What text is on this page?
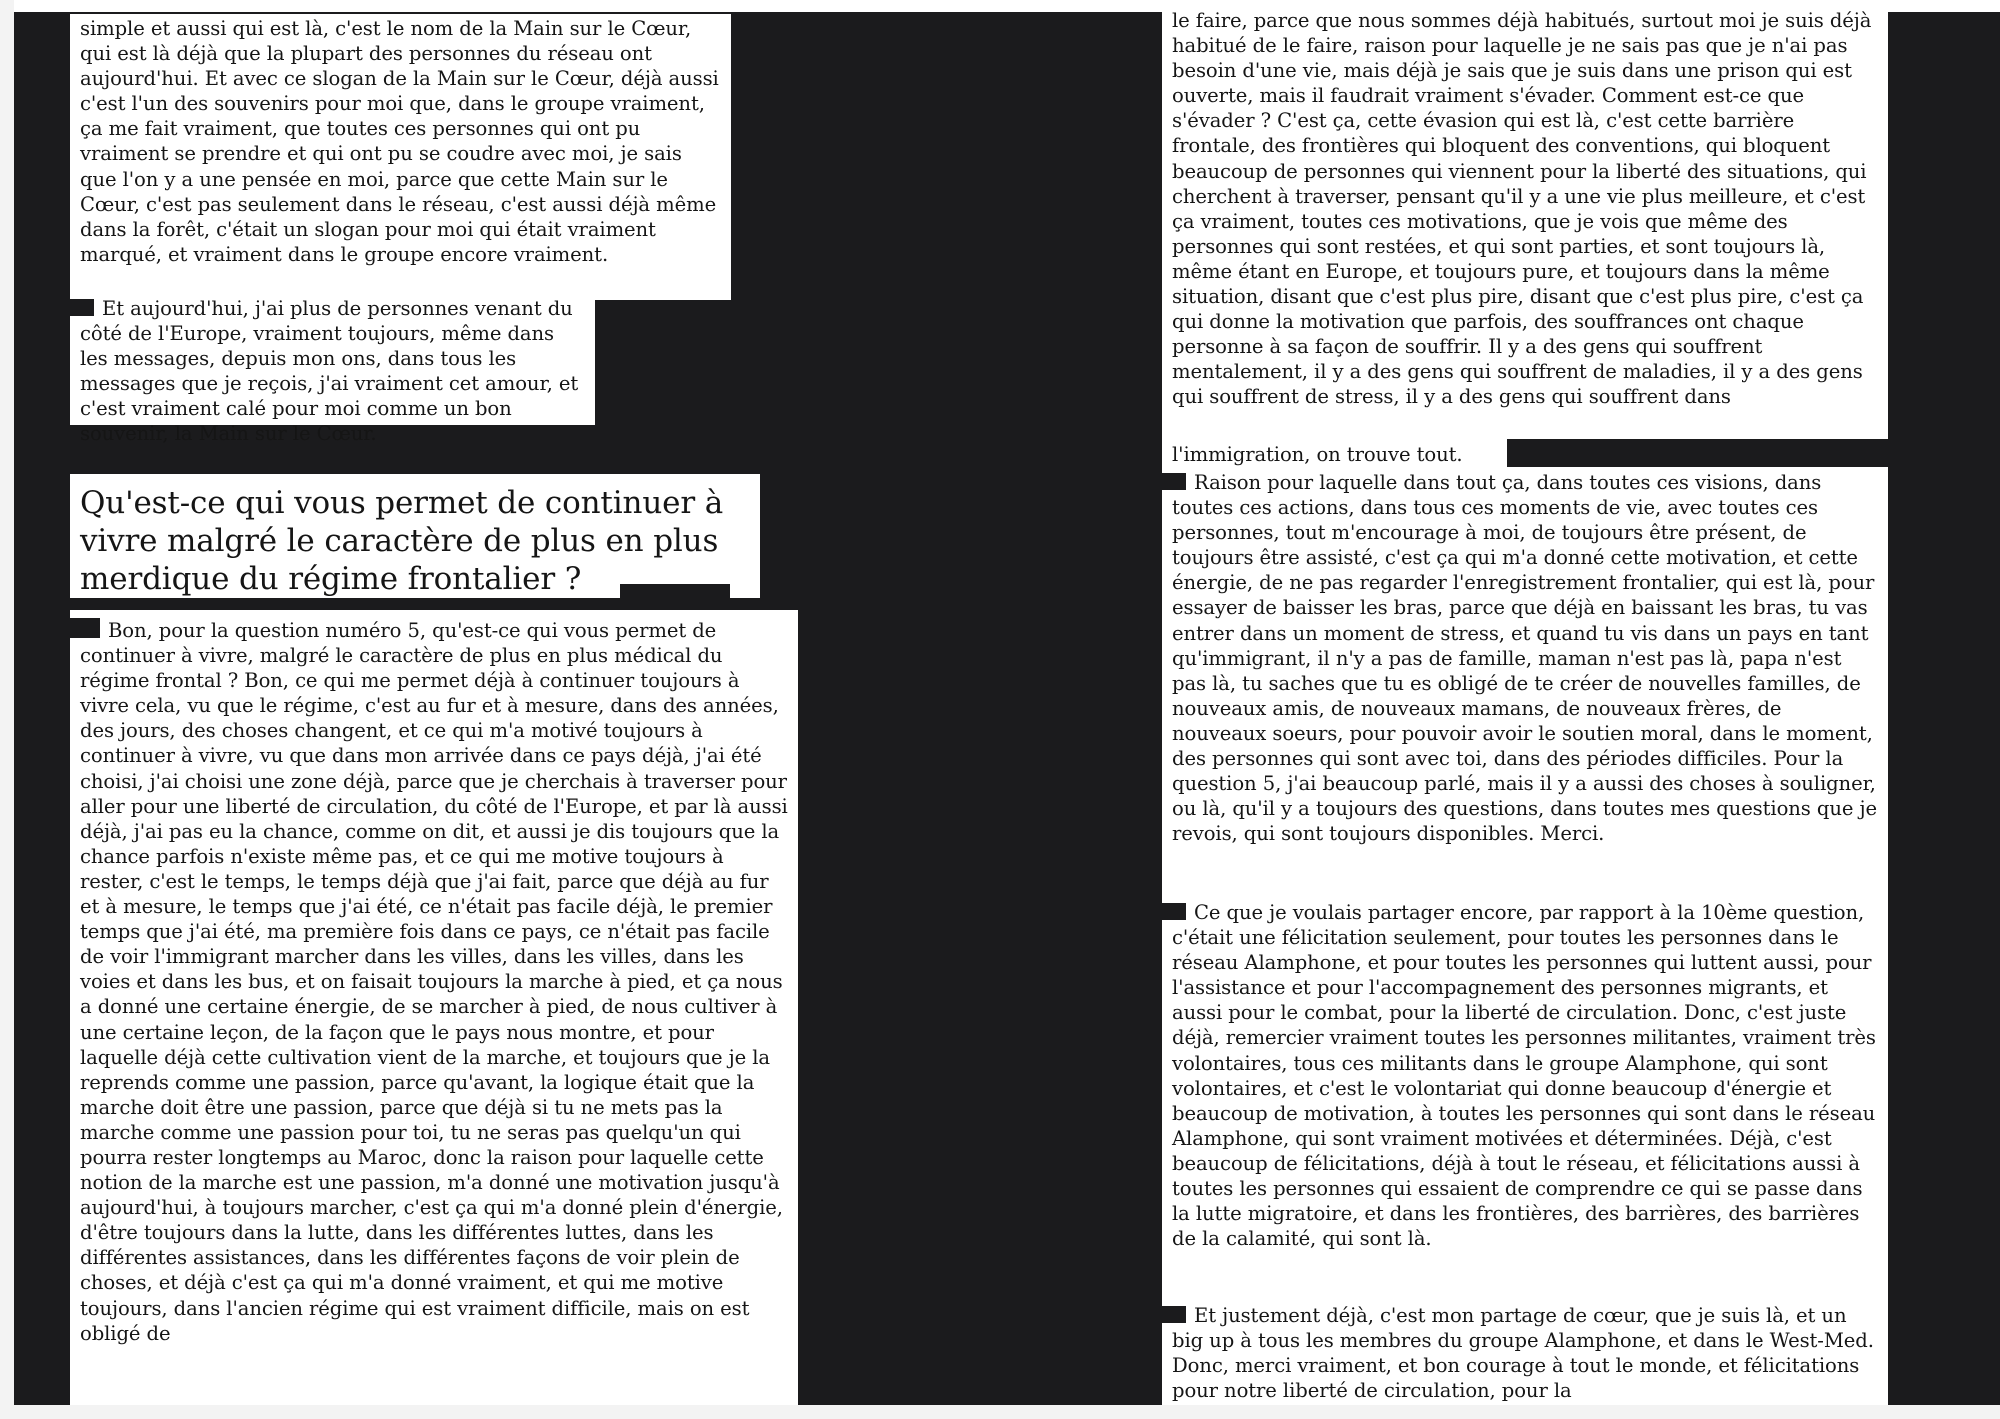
simple et aussi qui est là, c'est le nom de la Main sur le Cœur, qui est là déjà que la plupart des personnes du réseau ont aujourd'hui. Et avec ce slogan de la Main sur le Cœur, déjà aussi c'est l'un des souvenirs pour moi que, dans le groupe vraiment, ça me fait vraiment, que toutes ces personnes qui ont pu vraiment se prendre et qui ont pu se coudre avec moi, je sais que l'on y a une pensée en moi, parce que cette Main sur le Cœur, c'est pas seulement dans le réseau, c'est aussi déjà même dans la forêt, c'était un slogan pour moi qui était vraiment marqué, et vraiment dans le groupe encore vraiment.

Et aujourd'hui, j'ai plus de personnes venant du côté de l'Europe, vraiment toujours, même dans les messages, depuis mon ons, dans tous les messages que je reçois, j'ai vraiment cet amour, et c'est vraiment calé pour moi comme un bon souvenir, la Main sur le Cœur.

Qu'est-ce qui vous permet de continuer à vivre malgré le caractère de plus en plus merdique du régime frontalier ?

Bon, pour la question numéro 5, qu'est-ce qui vous permet de continuer à vivre, malgré le caractère de plus en plus médical du régime frontal ? Bon, ce qui me permet déjà à continuer toujours à vivre cela, vu que le régime, c'est au fur et à mesure, dans des années, des jours, des choses changent, et ce qui m'a motivé toujours à continuer à vivre, vu que dans mon arrivée dans ce pays déjà, j'ai été choisi, j'ai choisi une zone déjà, parce que je cherchais à traverser pour aller pour une liberté de circulation, du côté de l'Europe, et par là aussi déjà, j'ai pas eu la chance, comme on dit, et aussi je dis toujours que la chance parfois n'existe même pas, et ce qui me motive toujours à rester, c'est le temps, le temps déjà que j'ai fait, parce que déjà au fur et à mesure, le temps que j'ai été, ce n'était pas facile déjà, le premier temps que j'ai été, ma première fois dans ce pays, ce n'était pas facile de voir l'immigrant marcher dans les villes, dans les villes, dans les voies et dans les bus, et on faisait toujours la marche à pied, et ça nous a donné une certaine énergie, de se marcher à pied, de nous cultiver à une certaine leçon, de la façon que le pays nous montre, et pour laquelle déjà cette cultivation vient de la marche, et toujours que je la reprends comme une passion, parce qu'avant, la logique était que la marche doit être une passion, parce que déjà si tu ne mets pas la marche comme une passion pour toi, tu ne seras pas quelqu'un qui pourra rester longtemps au Maroc, donc la raison pour laquelle cette notion de la marche est une passion, m'a donné une motivation jusqu'à aujourd'hui, à toujours marcher, c'est ça qui m'a donné plein d'énergie, d'être toujours dans la lutte, dans les différentes luttes, dans les différentes assistances, dans les différentes façons de voir plein de choses, et déjà c'est ça qui m'a donné vraiment, et qui me motive toujours, dans l'ancien régime qui est vraiment difficile, mais on est obligé de

le faire, parce que nous sommes déjà habitués, surtout moi je suis déjà habitué de le faire, raison pour laquelle je ne sais pas que je n'ai pas besoin d'une vie, mais déjà je sais que je suis dans une prison qui est ouverte, mais il faudrait vraiment s'évader. Comment est-ce que s'évader ? C'est ça, cette évasion qui est là, c'est cette barrière frontale, des frontières qui bloquent des conventions, qui bloquent beaucoup de personnes qui viennent pour la liberté des situations, qui cherchent à traverser, pensant qu'il y a une vie plus meilleure, et c'est ça vraiment, toutes ces motivations, que je vois que même des personnes qui sont restées, et qui sont parties, et sont toujours là, même étant en Europe, et toujours pure, et toujours dans la même situation, disant que c'est plus pire, disant que c'est plus pire, c'est ça qui donne la motivation que parfois, des souffrances ont chaque personne à sa façon de souffrir. Il y a des gens qui souffrent mentalement, il y a des gens qui souffrent de maladies, il y a des gens qui souffrent de stress, il y a des gens qui souffrent dans

l'immigration, on trouve tout.

Raison pour laquelle dans tout ça, dans toutes ces visions, dans toutes ces actions, dans tous ces moments de vie, avec toutes ces personnes, tout m'encourage à moi, de toujours être présent, de toujours être assisté, c'est ça qui m'a donné cette motivation, et cette énergie, de ne pas regarder l'enregistrement frontalier, qui est là, pour essayer de baisser les bras, parce que déjà en baissant les bras, tu vas entrer dans un moment de stress, et quand tu vis dans un pays en tant qu'immigrant, il n'y a pas de famille, maman n'est pas là, papa n'est pas là, tu saches que tu es obligé de te créer de nouvelles familles, de nouveaux amis, de nouveaux mamans, de nouveaux frères, de nouveaux soeurs, pour pouvoir avoir le soutien moral, dans le moment, des personnes qui sont avec toi, dans des périodes difficiles. Pour la question 5, j'ai beaucoup parlé, mais il y a aussi des choses à souligner, ou là, qu'il y a toujours des questions, dans toutes mes questions que je revois, qui sont toujours disponibles. Merci.

Ce que je voulais partager encore, par rapport à la 10ème question, c'était une félicitation seulement, pour toutes les personnes dans le réseau Alamphone, et pour toutes les personnes qui luttent aussi, pour l'assistance et pour l'accompagnement des personnes migrants, et aussi pour le combat, pour la liberté de circulation. Donc, c'est juste déjà, remercier vraiment toutes les personnes militantes, vraiment très volontaires, tous ces militants dans le groupe Alamphone, qui sont volontaires, et c'est le volontariat qui donne beaucoup d'énergie et beaucoup de motivation, à toutes les personnes qui sont dans le réseau Alamphone, qui sont vraiment motivées et déterminées. Déjà, c'est beaucoup de félicitations, déjà à tout le réseau, et félicitations aussi à toutes les personnes qui essaient de comprendre ce qui se passe dans la lutte migratoire, et dans les frontières, des barrières, des barrières de la calamité, qui sont là.

Et justement déjà, c'est mon partage de cœur, que je suis là, et un big up à tous les membres du groupe Alamphone, et dans le West-Med. Donc, merci vraiment, et bon courage à tout le monde, et félicitations pour notre liberté de circulation, pour la
